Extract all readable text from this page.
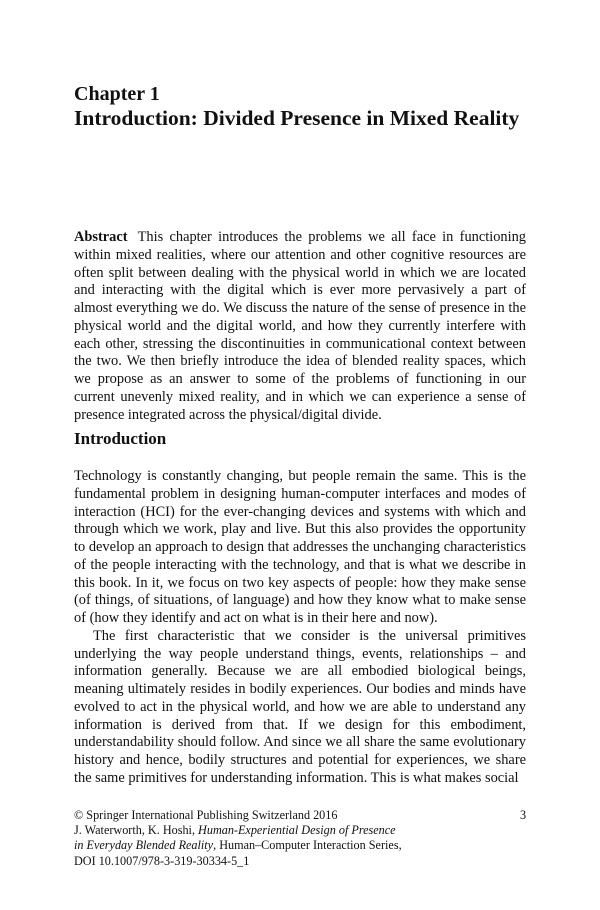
Chapter 1
Introduction: Divided Presence in Mixed Reality

Abstract This chapter introduces the problems we all face in functioning within mixed realities, where our attention and other cognitive resources are often split between dealing with the physical world in which we are located and interacting with the digital which is ever more pervasively a part of almost everything we do. We discuss the nature of the sense of presence in the physical world and the digital world, and how they currently interfere with each other, stressing the discontinuities in communicational context between the two. We then briefly introduce the idea of blended reality spaces, which we propose as an answer to some of the problems of functioning in our current unevenly mixed reality, and in which we can experience a sense of presence integrated across the physical/digital divide.

Introduction

Technology is constantly changing, but people remain the same. This is the fundamental problem in designing human-computer interfaces and modes of interaction (HCI) for the ever-changing devices and systems with which and through which we work, play and live. But this also provides the opportunity to develop an approach to design that addresses the unchanging characteristics of the people interacting with the technology, and that is what we describe in this book. In it, we focus on two key aspects of people: how they make sense (of things, of situations, of language) and how they know what to make sense of (how they identify and act on what is in their here and now).

The first characteristic that we consider is the universal primitives underlying the way people understand things, events, relationships – and information generally. Because we are all embodied biological beings, meaning ultimately resides in bodily experiences. Our bodies and minds have evolved to act in the physical world, and how we are able to understand any information is derived from that. If we design for this embodiment, understandability should follow. And since we all share the same evolutionary history and hence, bodily structures and potential for experiences, we share the same primitives for understanding information. This is what makes social

© Springer International Publishing Switzerland 2016
J. Waterworth, K. Hoshi, Human-Experiential Design of Presence
in Everyday Blended Reality, Human–Computer Interaction Series,
DOI 10.1007/978-3-319-30334-5_1
3
